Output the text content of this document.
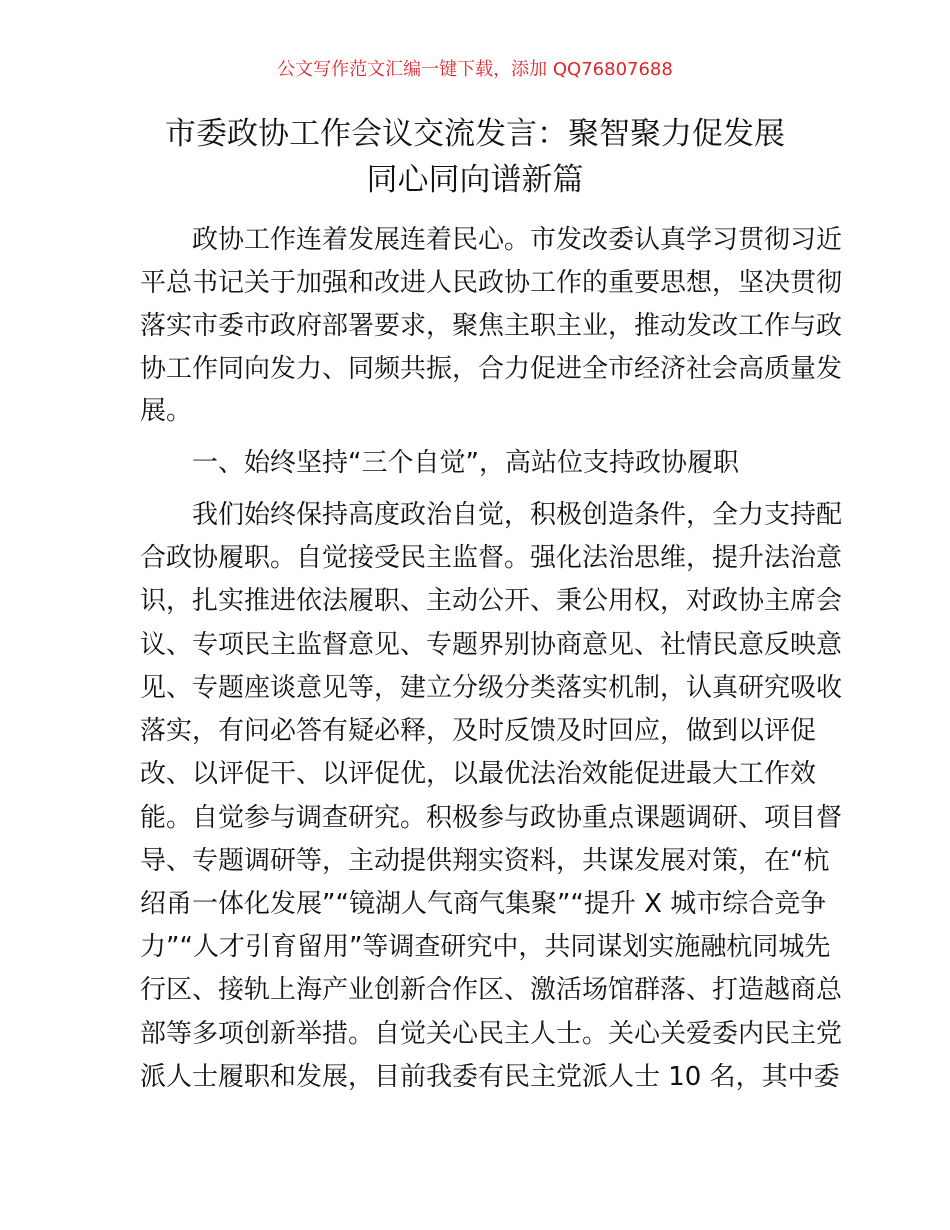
公文写作范文汇编一键下载，添加 QQ76807688
市委政协工作会议交流发言：聚智聚力促发展
同心同向谱新篇
政协工作连着发展连着民心。市发改委认真学习贯彻习近
平总书记关于加强和改进人民政协工作的重要思想，坚决贯彻
落实市委市政府部署要求，聚焦主职主业，推动发改工作与政
协工作同向发力、同频共振，合力促进全市经济社会高质量发
展。
一、始终坚持“三个自觉”，高站位支持政协履职
我们始终保持高度政治自觉，积极创造条件，全力支持配
合政协履职。自觉接受民主监督。强化法治思维，提升法治意
识，扎实推进依法履职、主动公开、秉公用权，对政协主席会
议、专项民主监督意见、专题界别协商意见、社情民意反映意
见、专题座谈意见等，建立分级分类落实机制，认真研究吸收
落实，有问必答有疑必释，及时反馈及时回应，做到以评促
改、以评促干、以评促优，以最优法治效能促进最大工作效
能。自觉参与调查研究。积极参与政协重点课题调研、项目督
导、专题调研等，主动提供翔实资料，共谋发展对策，在“杭
绍甬一体化发展”“镜湖人气商气集聚”“提升 X 城市综合竞争
力”“人才引育留用”等调查研究中，共同谋划实施融杭同城先
行区、接轨上海产业创新合作区、激活场馆群落、打造越商总
部等多项创新举措。自觉关心民主人士。关心关爱委内民主党
派人士履职和发展，目前我委有民主党派人士 10 名，其中委
